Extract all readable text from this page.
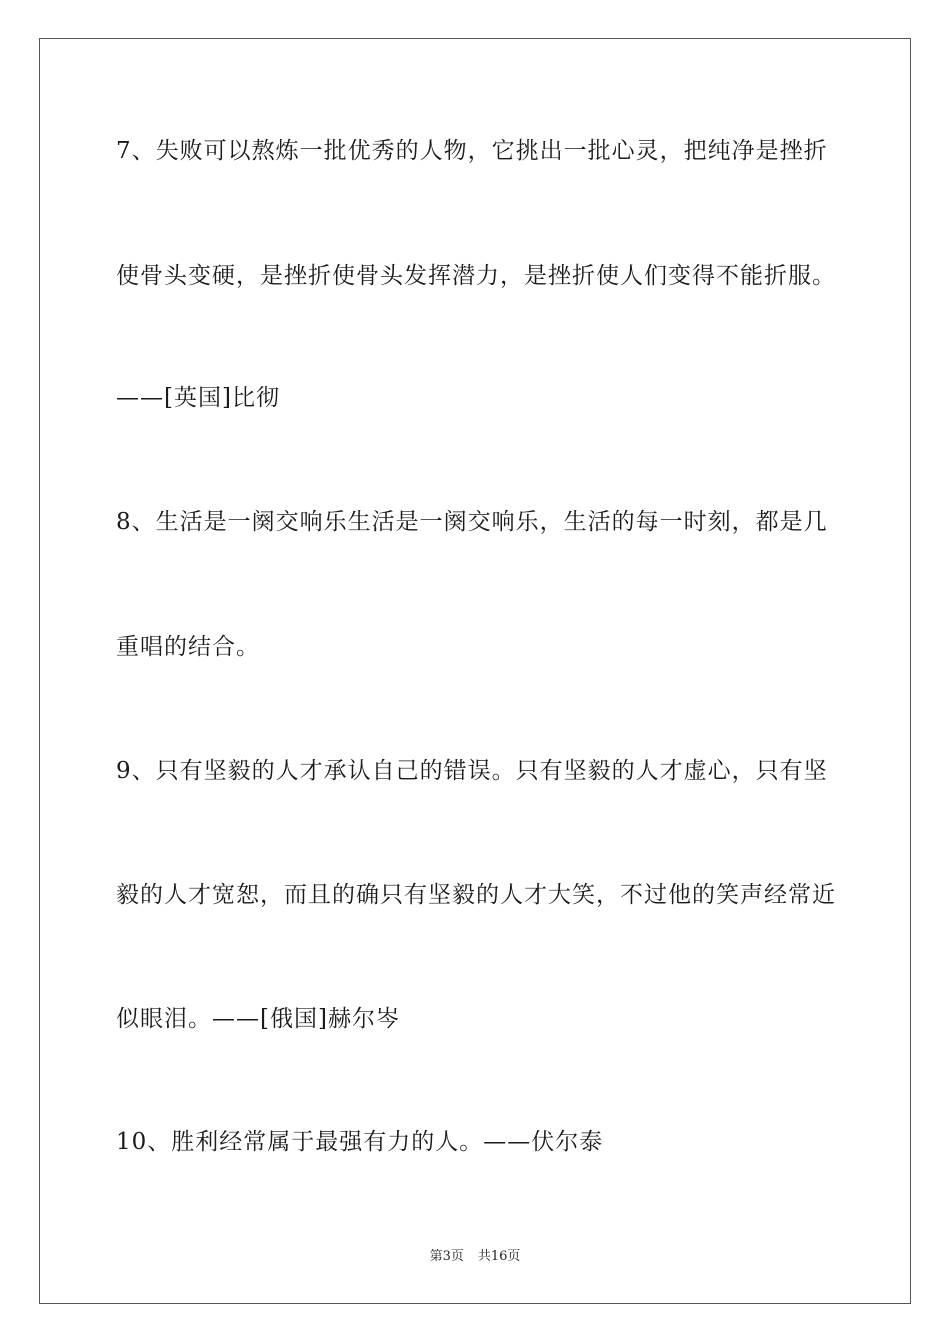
7、失败可以熬炼一批优秀的人物，它挑出一批心灵，把纯净是挫折
使骨头变硬，是挫折使骨头发挥潜力，是挫折使人们变得不能折服。
——[英国]比彻
8、生活是一阕交响乐生活是一阕交响乐，生活的每一时刻，都是几
重唱的结合。
9、只有坚毅的人才承认自己的错误。只有坚毅的人才虚心，只有坚
毅的人才宽恕，而且的确只有坚毅的人才大笑，不过他的笑声经常近
似眼泪。——[俄国]赫尔岑
10、胜利经常属于最强有力的人。——伏尔泰
第3页 共16页
